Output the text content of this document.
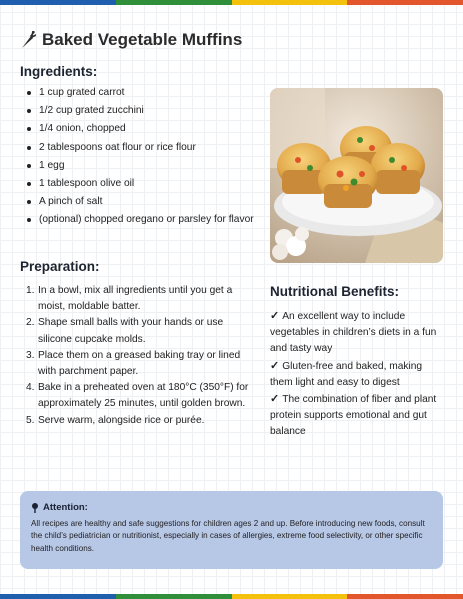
Baked Vegetable Muffins
Ingredients:
1 cup grated carrot
1/2 cup grated zucchini
1/4 onion, chopped
2 tablespoons oat flour or rice flour
1 egg
1 tablespoon olive oil
A pinch of salt
(optional) chopped oregano or parsley for flavor
Preparation:
1. In a bowl, mix all ingredients until you get a moist, moldable batter.
2. Shape small balls with your hands or use silicone cupcake molds.
3. Place them on a greased baking tray or lined with parchment paper.
4. Bake in a preheated oven at 180°C (350°F) for approximately 25 minutes, until golden brown.
5. Serve warm, alongside rice or purée.
Nutritional Benefits:
✓ An excellent way to include vegetables in children’s diets in a fun and tasty way
✓ Gluten-free and baked, making them light and easy to digest
✓ The combination of fiber and plant protein supports emotional and gut balance
Attention:
All recipes are healthy and safe suggestions for children ages 2 and up. Before introducing new foods, consult the child’s pediatrician or nutritionist, especially in cases of allergies, extreme food selectivity, or other specific health conditions.
